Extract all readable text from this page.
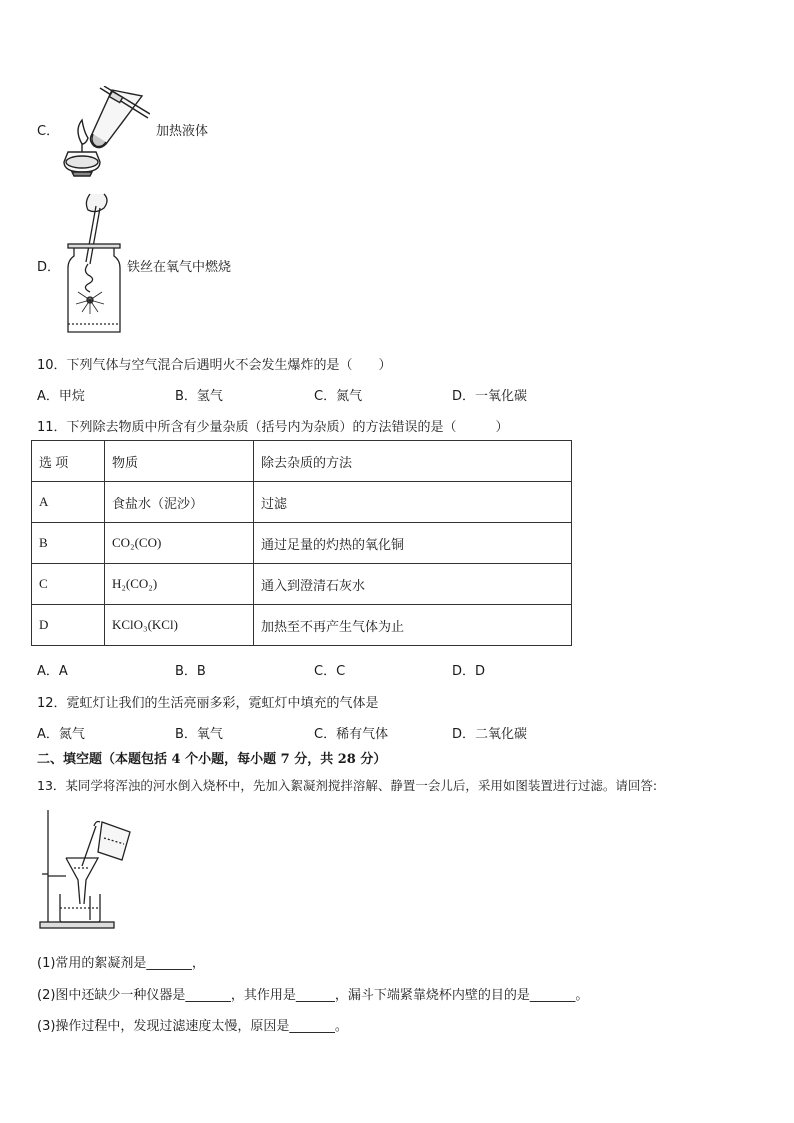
C．	加热液体
D．	铁丝在氧气中燃烧
10．下列气体与空气混合后遇明火不会发生爆炸的是（　　）
A．甲烷	B．氢气	C．氮气	D．一氧化碳
11．下列除去物质中所含有少量杂质（括号内为杂质）的方法错误的是（　　　）
选 项	物质	除去杂质的方法
A	食盐水（泥沙）	过滤
B	CO₂(CO)	通过足量的灼热的氧化铜
C	H₂(CO₂)	通入到澄清石灰水
D	KClO₃(KCl)	加热至不再产生气体为止
A．A	B．B	C．C	D．D
12．霓虹灯让我们的生活亮丽多彩，霓虹灯中填充的气体是
A．氮气	B．氧气	C．稀有气体	D．二氧化碳
二、填空题（本题包括 4 个小题，每小题 7 分，共 28 分）
13．某同学将浑浊的河水倒入烧杯中，先加入絮凝剂搅拌溶解、静置一会儿后，采用如图装置进行过滤。请回答:
(1)常用的絮凝剂是_______，
(2)图中还缺少一种仪器是_______，其作用是______，漏斗下端紧靠烧杯内壁的目的是_______。
(3)操作过程中，发现过滤速度太慢，原因是_______。
